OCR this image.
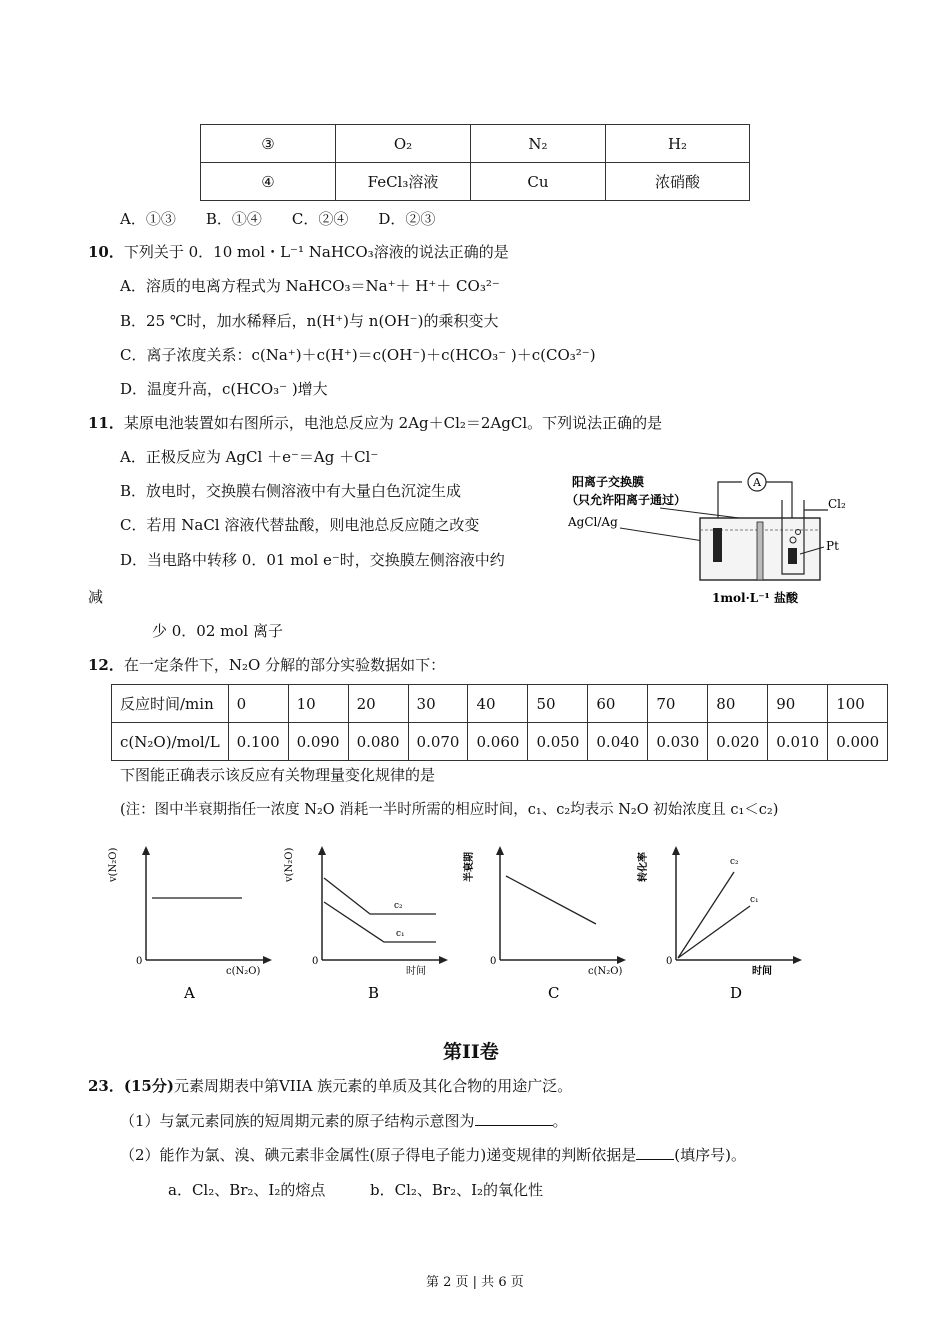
③	O₂	N₂	H₂
④	FeCl₃溶液	Cu	浓硝酸
A．①③　　B．①④　　C．②④　　D．②③
10．下列关于 0．10 mol・L⁻¹ NaHCO₃溶液的说法正确的是
A．溶质的电离方程式为 NaHCO₃＝Na⁺＋ H⁺＋ CO₃²⁻
B．25 ℃时，加水稀释后，n(H⁺)与 n(OH⁻)的乘积变大
C．离子浓度关系：c(Na⁺)＋c(H⁺)＝c(OH⁻)＋c(HCO₃⁻ )＋c(CO₃²⁻)
D．温度升高，c(HCO₃⁻ )增大
11．某原电池装置如右图所示，电池总反应为 2Ag＋Cl₂＝2AgCl。下列说法正确的是
A．正极反应为 AgCl ＋e⁻＝Ag ＋Cl⁻
B．放电时，交换膜右侧溶液中有大量白色沉淀生成
C．若用 NaCl 溶液代替盐酸，则电池总反应随之改变
D．当电路中转移 0．01 mol e⁻时，交换膜左侧溶液中约
减
少 0．02 mol 离子
阳离子交换膜
（只允许阳离子通过）
AgCl/Ag
A
Cl₂
Pt
1mol·L⁻¹ 盐酸
12．在一定条件下，N₂O 分解的部分实验数据如下：
反应时间/min	0	10	20	30	40	50	60	70	80	90	100
c(N₂O)/mol/L	0.100	0.090	0.080	0.070	0.060	0.050	0.040	0.030	0.020	0.010	0.000
下图能正确表示该反应有关物理量变化规律的是
(注：图中半衰期指任一浓度 N₂O 消耗一半时所需的相应时间，c₁、c₂均表示 N₂O 初始浓度且 c₁＜c₂)
v(N₂O)
0
c(N₂O)
A
c₂
c₁
v(N₂O)
0
时间
B
半衰期
0
c(N₂O)
C
c₂
c₁
转化率
0
时间
D
第II卷
23．(15分)元素周期表中第VIIA 族元素的单质及其化合物的用途广泛。
（1）与氯元素同族的短周期元素的原子结构示意图为	。
（2）能作为氯、溴、碘元素非金属性(原子得电子能力)递变规律的判断依据是	(填序号)。
a．Cl₂、Br₂、I₂的熔点	b．Cl₂、Br₂、I₂的氧化性
第 2 页 | 共 6 页
